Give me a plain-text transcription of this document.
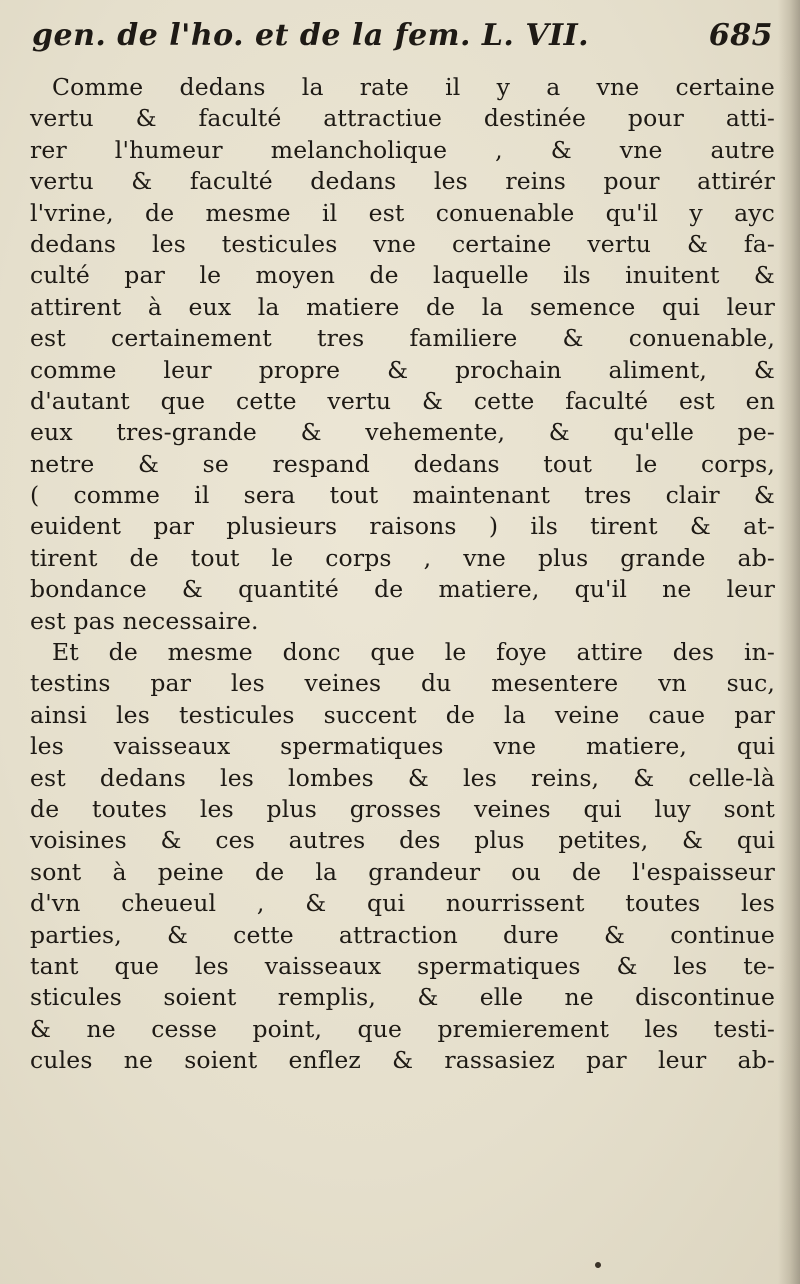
gen. de l'ho. et de la fem. L. VII.	685
Comme dedans la rate il y a vne certaine
vertu & faculté attractiue destinée pour atti-
rer l'humeur melancholique , & vne autre
vertu & faculté dedans les reins pour attirér
l'vrine, de mesme il est conuenable qu'il y ayc
dedans les testicules vne certaine vertu & fa-
culté par le moyen de laquelle ils inuitent &
attirent à eux la matiere de la semence qui leur
est certainement tres familiere & conuenable,
comme leur propre & prochain aliment, &
d'autant que cette vertu & cette faculté est en
eux tres-grande & vehemente, & qu'elle pe-
netre & se respand dedans tout le corps,
( comme il sera tout maintenant tres clair &
euident par plusieurs raisons ) ils tirent & at-
tirent de tout le corps , vne plus grande ab-
bondance & quantité de matiere, qu'il ne leur
est pas necessaire.
Et de mesme donc que le foye attire des in-
testins par les veines du mesentere vn suc,
ainsi les testicules succent de la veine caue par
les vaisseaux spermatiques vne matiere, qui
est dedans les lombes & les reins, & celle-là
de toutes les plus grosses veines qui luy sont
voisines & ces autres des plus petites, & qui
sont à peine de la grandeur ou de l'espaisseur
d'vn cheueul , & qui nourrissent toutes les
parties, & cette attraction dure & continue
tant que les vaisseaux spermatiques & les te-
sticules soient remplis, & elle ne discontinue
& ne cesse point, que premierement les testi-
cules ne soient enflez & rassasiez par leur ab-
